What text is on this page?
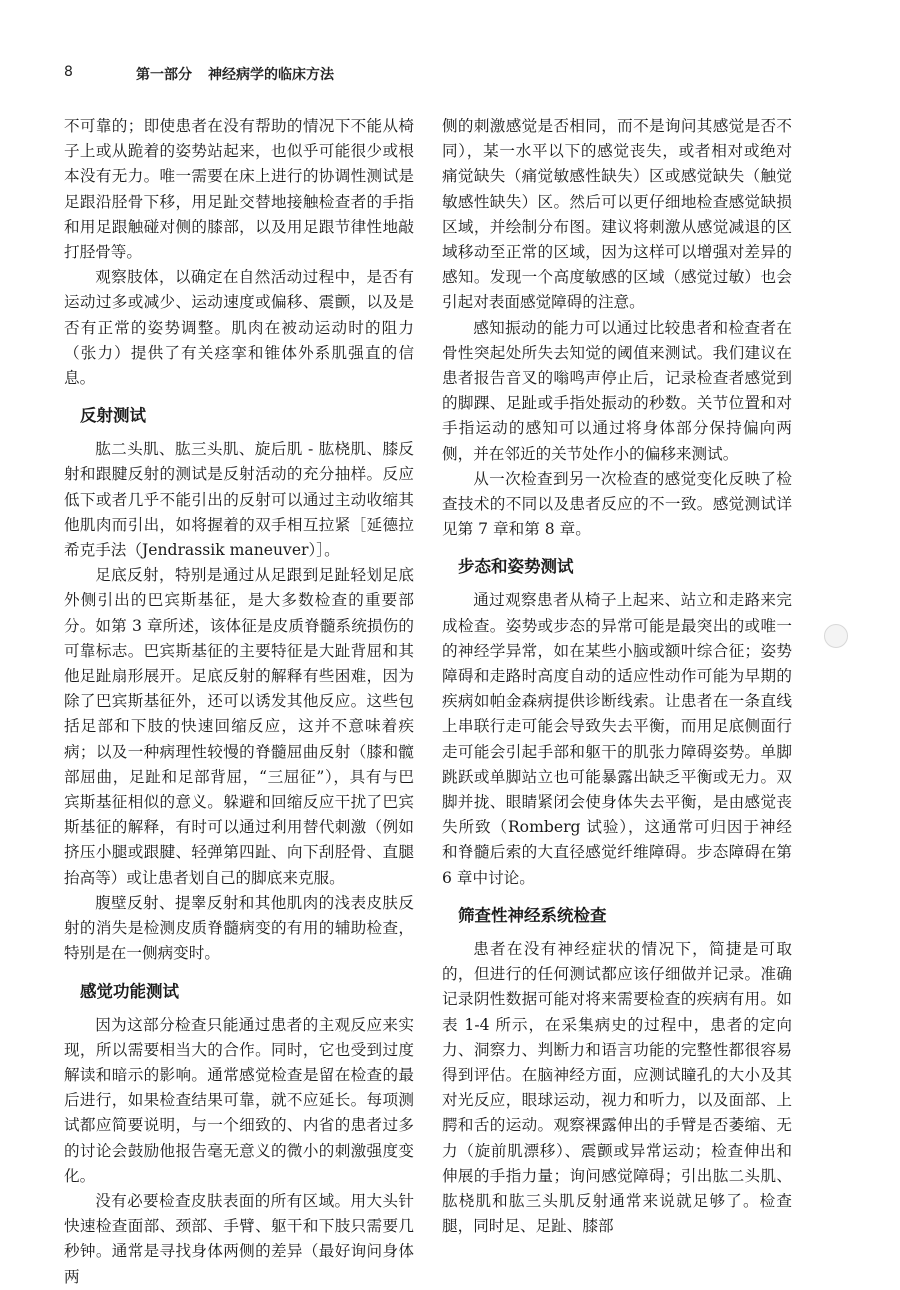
8	第一部分 神经病学的临床方法

不可靠的；即使患者在没有帮助的情况下不能从椅子上或从跪着的姿势站起来，也似乎可能很少或根本没有无力。唯一需要在床上进行的协调性测试是足跟沿胫骨下移，用足趾交替地接触检查者的手指和用足跟触碰对侧的膝部，以及用足跟节律性地敲打胫骨等。

观察肢体，以确定在自然活动过程中，是否有运动过多或减少、运动速度或偏移、震颤，以及是否有正常的姿势调整。肌肉在被动运动时的阻力（张力）提供了有关痉挛和锥体外系肌强直的信息。

反射测试

肱二头肌、肱三头肌、旋后肌 - 肱桡肌、膝反射和跟腱反射的测试是反射活动的充分抽样。反应低下或者几乎不能引出的反射可以通过主动收缩其他肌肉而引出，如将握着的双手相互拉紧［延德拉希克手法（Jendrassik maneuver）］。

足底反射，特别是通过从足跟到足趾轻划足底外侧引出的巴宾斯基征，是大多数检查的重要部分。如第 3 章所述，该体征是皮质脊髓系统损伤的可靠标志。巴宾斯基征的主要特征是大趾背屈和其他足趾扇形展开。足底反射的解释有些困难，因为除了巴宾斯基征外，还可以诱发其他反应。这些包括足部和下肢的快速回缩反应，这并不意味着疾病；以及一种病理性较慢的脊髓屈曲反射（膝和髋部屈曲，足趾和足部背屈，“三屈征”），具有与巴宾斯基征相似的意义。躲避和回缩反应干扰了巴宾斯基征的解释，有时可以通过利用替代刺激（例如挤压小腿或跟腱、轻弹第四趾、向下刮胫骨、直腿抬高等）或让患者划自己的脚底来克服。

腹壁反射、提睾反射和其他肌肉的浅表皮肤反射的消失是检测皮质脊髓病变的有用的辅助检查，特别是在一侧病变时。

感觉功能测试

因为这部分检查只能通过患者的主观反应来实现，所以需要相当大的合作。同时，它也受到过度解读和暗示的影响。通常感觉检查是留在检查的最后进行，如果检查结果可靠，就不应延长。每项测试都应简要说明，与一个细致的、内省的患者过多的讨论会鼓励他报告毫无意义的微小的刺激强度变化。

没有必要检查皮肤表面的所有区域。用大头针快速检查面部、颈部、手臂、躯干和下肢只需要几秒钟。通常是寻找身体两侧的差异（最好询问身体两

侧的刺激感觉是否相同，而不是询问其感觉是否不同），某一水平以下的感觉丧失，或者相对或绝对痛觉缺失（痛觉敏感性缺失）区或感觉缺失（触觉敏感性缺失）区。然后可以更仔细地检查感觉缺损区域，并绘制分布图。建议将刺激从感觉减退的区域移动至正常的区域，因为这样可以增强对差异的感知。发现一个高度敏感的区域（感觉过敏）也会引起对表面感觉障碍的注意。

感知振动的能力可以通过比较患者和检查者在骨性突起处所失去知觉的阈值来测试。我们建议在患者报告音叉的嗡鸣声停止后，记录检查者感觉到的脚踝、足趾或手指处振动的秒数。关节位置和对手指运动的感知可以通过将身体部分保持偏向两侧，并在邻近的关节处作小的偏移来测试。

从一次检查到另一次检查的感觉变化反映了检查技术的不同以及患者反应的不一致。感觉测试详见第 7 章和第 8 章。

步态和姿势测试

通过观察患者从椅子上起来、站立和走路来完成检查。姿势或步态的异常可能是最突出的或唯一的神经学异常，如在某些小脑或额叶综合征；姿势障碍和走路时高度自动的适应性动作可能为早期的疾病如帕金森病提供诊断线索。让患者在一条直线上串联行走可能会导致失去平衡，而用足底侧面行走可能会引起手部和躯干的肌张力障碍姿势。单脚跳跃或单脚站立也可能暴露出缺乏平衡或无力。双脚并拢、眼睛紧闭会使身体失去平衡，是由感觉丧失所致（Romberg 试验），这通常可归因于神经和脊髓后索的大直径感觉纤维障碍。步态障碍在第 6 章中讨论。

筛查性神经系统检查

患者在没有神经症状的情况下，简捷是可取的，但进行的任何测试都应该仔细做并记录。准确记录阴性数据可能对将来需要检查的疾病有用。如表 1-4 所示，在采集病史的过程中，患者的定向力、洞察力、判断力和语言功能的完整性都很容易得到评估。在脑神经方面，应测试瞳孔的大小及其对光反应，眼球运动，视力和听力，以及面部、上腭和舌的运动。观察裸露伸出的手臂是否萎缩、无力（旋前肌漂移）、震颤或异常运动；检查伸出和伸展的手指力量；询问感觉障碍；引出肱二头肌、肱桡肌和肱三头肌反射通常来说就足够了。检查腿，同时足、足趾、膝部
